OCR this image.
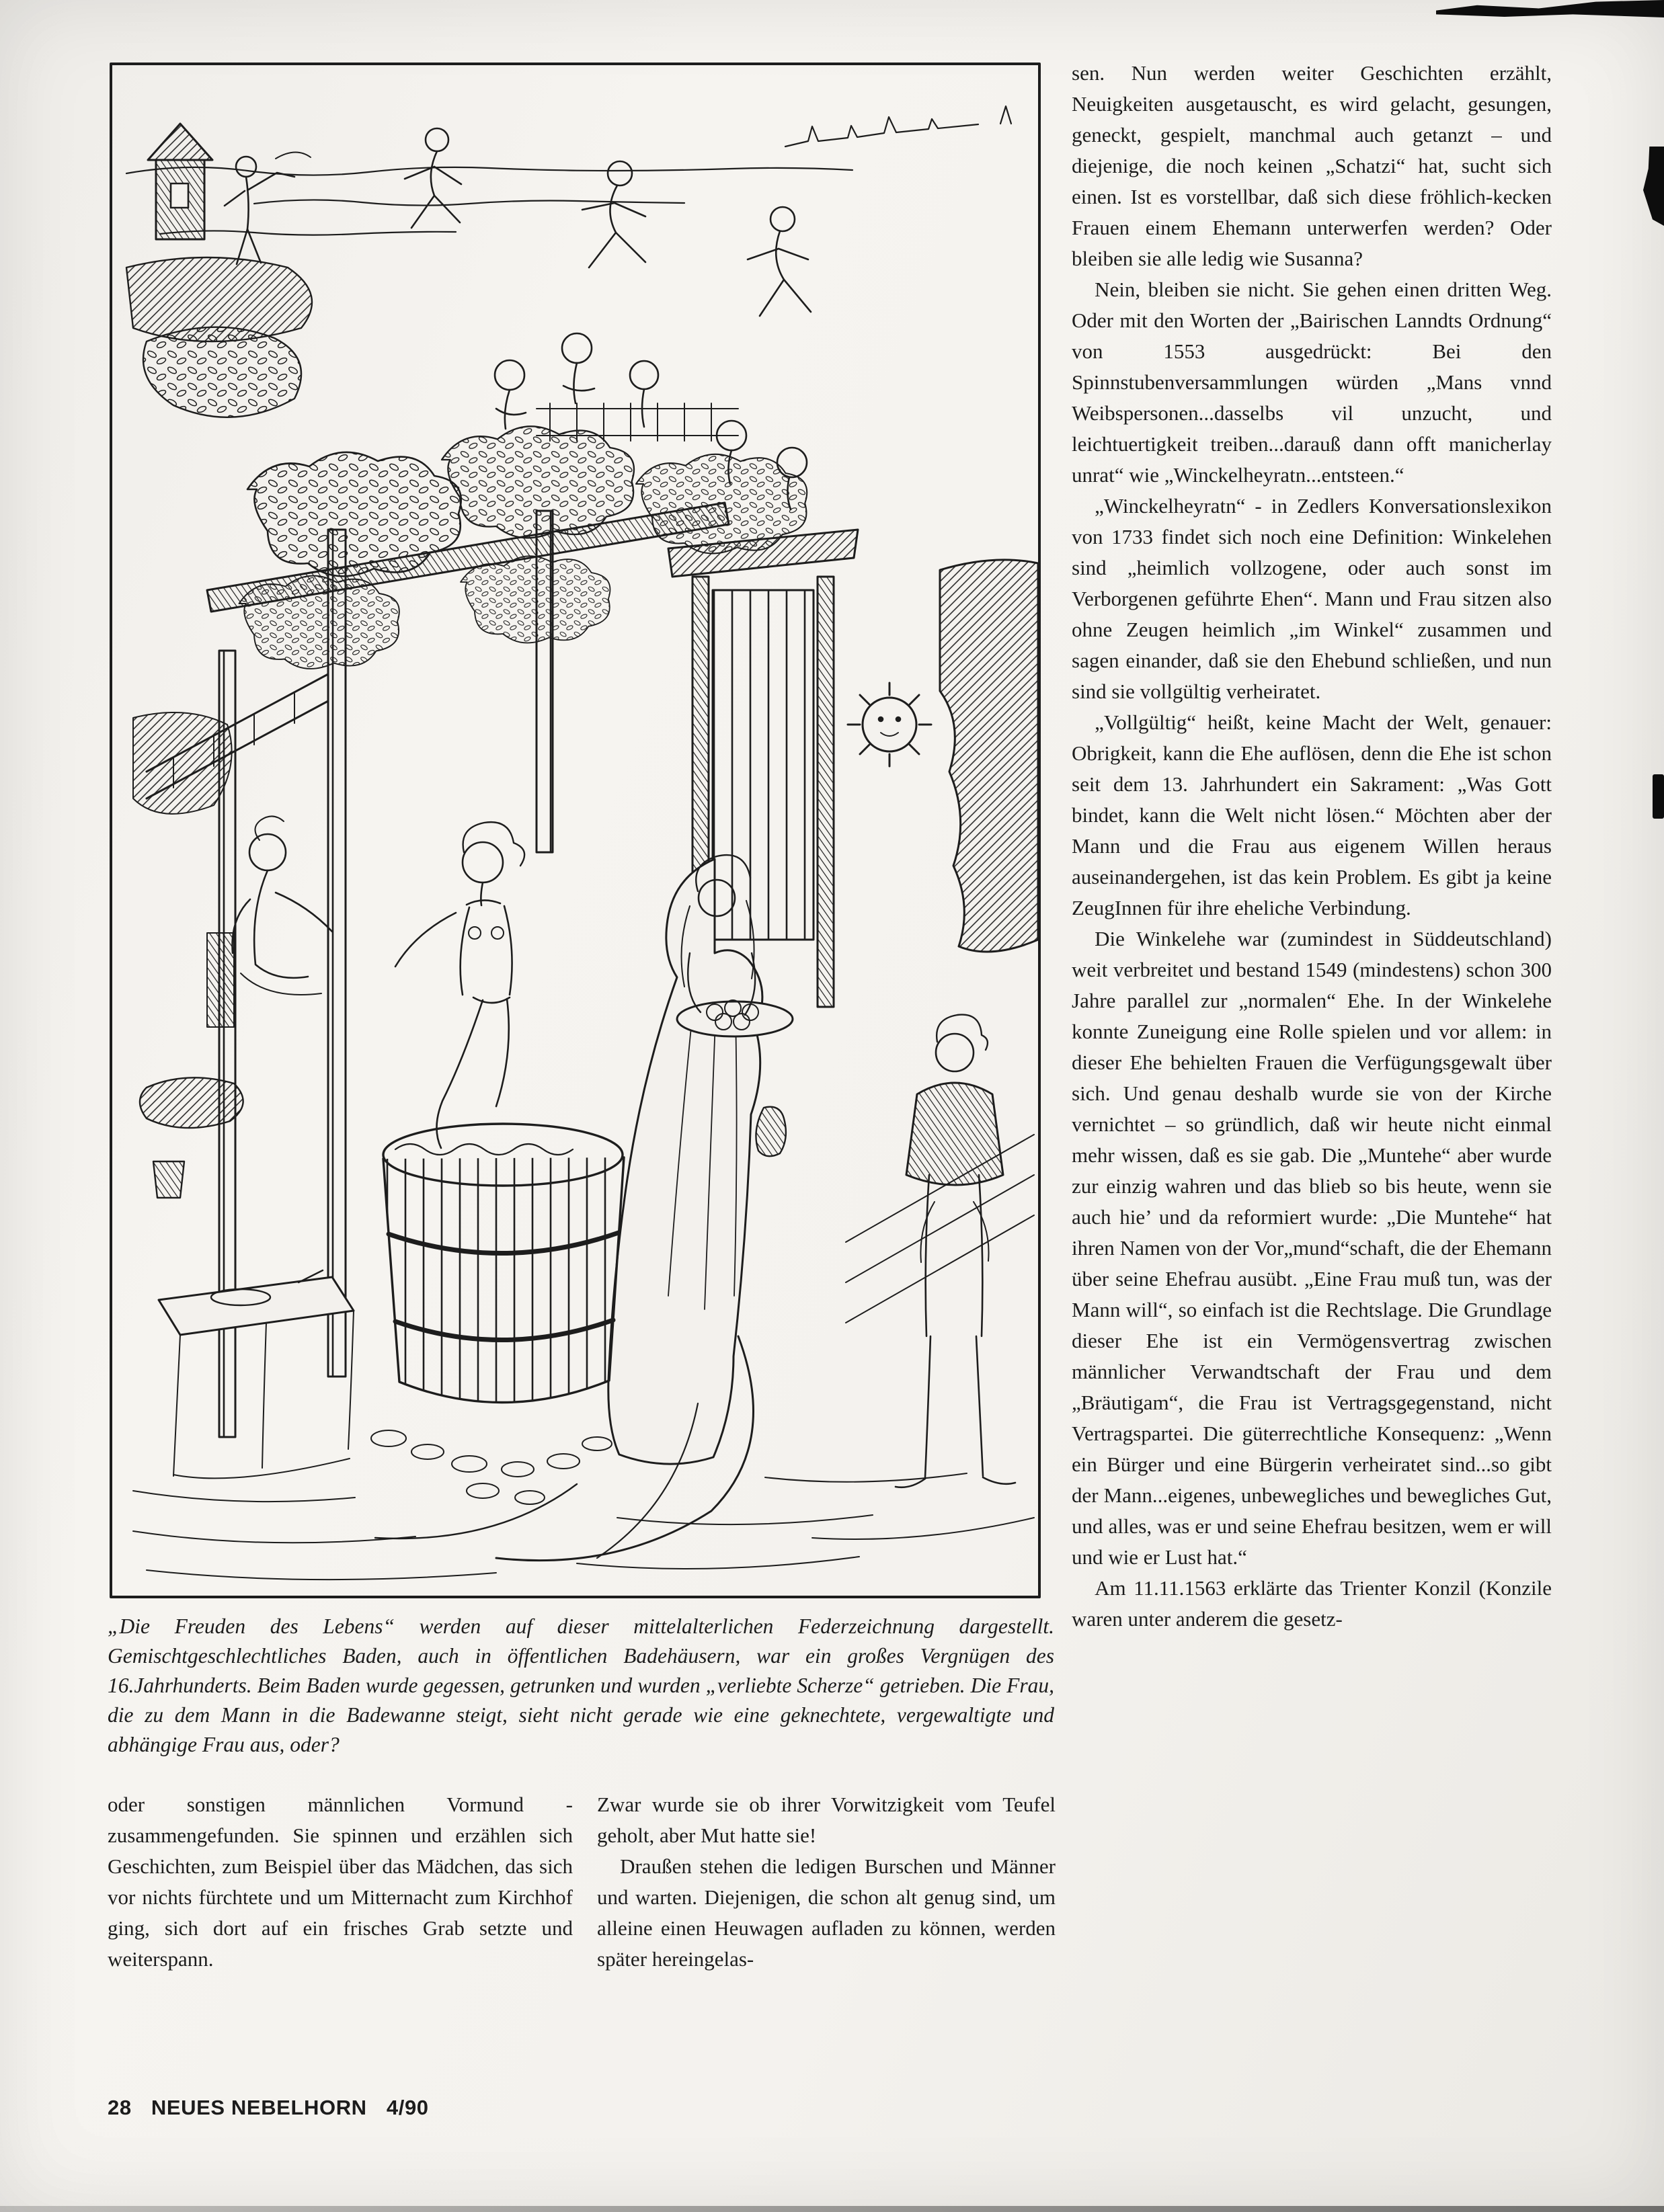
„Die Freuden des Lebens“ werden auf dieser mittelalterlichen Federzeichnung dargestellt. Gemischtgeschlechtliches Baden, auch in öffentlichen Badehäusern, war ein großes Vergnügen des 16.Jahrhunderts. Beim Baden wurde gegessen, getrunken und wurden „verliebte Scherze“ getrieben. Die Frau, die zu dem Mann in die Badewanne steigt, sieht nicht gerade wie eine geknechtete, vergewaltigte und abhängige Frau aus, oder?

oder sonstigen männlichen Vormund - zusammengefunden. Sie spinnen und erzählen sich Geschichten, zum Beispiel über das Mädchen, das sich vor nichts fürchtete und um Mitternacht zum Kirchhof ging, sich dort auf ein frisches Grab setzte und weiterspann.

Zwar wurde sie ob ihrer Vorwitzigkeit vom Teufel geholt, aber Mut hatte sie!

Draußen stehen die ledigen Burschen und Männer und warten. Diejenigen, die schon alt genug sind, um alleine einen Heuwagen aufladen zu können, werden später hereingelas-

sen. Nun werden weiter Geschichten erzählt, Neuigkeiten ausgetauscht, es wird gelacht, gesungen, geneckt, gespielt, manchmal auch getanzt – und diejenige, die noch keinen „Schatzi“ hat, sucht sich einen. Ist es vorstellbar, daß sich diese fröhlich-kecken Frauen einem Ehemann unterwerfen werden? Oder bleiben sie alle ledig wie Susanna?

Nein, bleiben sie nicht. Sie gehen einen dritten Weg. Oder mit den Worten der „Bairischen Lanndts Ordnung“ von 1553 ausgedrückt: Bei den Spinnstubenversammlungen würden „Mans vnnd Weibspersonen...dasselbs vil unzucht, und leichtuertigkeit treiben...darauß dann offt manicherlay unrat“ wie „Winckelheyratn...entsteen.“

„Winckelheyratn“ - in Zedlers Konversationslexikon von 1733 findet sich noch eine Definition: Winkelehen sind „heimlich vollzogene, oder auch sonst im Verborgenen geführte Ehen“. Mann und Frau sitzen also ohne Zeugen heimlich „im Winkel“ zusammen und sagen einander, daß sie den Ehebund schließen, und nun sind sie vollgültig verheiratet.

„Vollgültig“ heißt, keine Macht der Welt, genauer: Obrigkeit, kann die Ehe auflösen, denn die Ehe ist schon seit dem 13. Jahrhundert ein Sakrament: „Was Gott bindet, kann die Welt nicht lösen.“ Möchten aber der Mann und die Frau aus eigenem Willen heraus auseinandergehen, ist das kein Problem. Es gibt ja keine ZeugInnen für ihre eheliche Verbindung.

Die Winkelehe war (zumindest in Süddeutschland) weit verbreitet und bestand 1549 (mindestens) schon 300 Jahre parallel zur „normalen“ Ehe. In der Winkelehe konnte Zuneigung eine Rolle spielen und vor allem: in dieser Ehe behielten Frauen die Verfügungsgewalt über sich. Und genau deshalb wurde sie von der Kirche vernichtet – so gründlich, daß wir heute nicht einmal mehr wissen, daß es sie gab. Die „Muntehe“ aber wurde zur einzig wahren und das blieb so bis heute, wenn sie auch hie’ und da reformiert wurde: „Die Muntehe“ hat ihren Namen von der Vor„mund“schaft, die der Ehemann über seine Ehefrau ausübt. „Eine Frau muß tun, was der Mann will“, so einfach ist die Rechtslage. Die Grundlage dieser Ehe ist ein Vermögensvertrag zwischen männlicher Verwandtschaft der Frau und dem „Bräutigam“, die Frau ist Vertragsgegenstand, nicht Vertragspartei. Die güterrechtliche Konsequenz: „Wenn ein Bürger und eine Bürgerin verheiratet sind...so gibt der Mann...eigenes, unbewegliches und bewegliches Gut, und alles, was er und seine Ehefrau besitzen, wem er will und wie er Lust hat.“

Am 11.11.1563 erklärte das Trienter Konzil (Konzile waren unter anderem die gesetz-

28 NEUES NEBELHORN 4/90
